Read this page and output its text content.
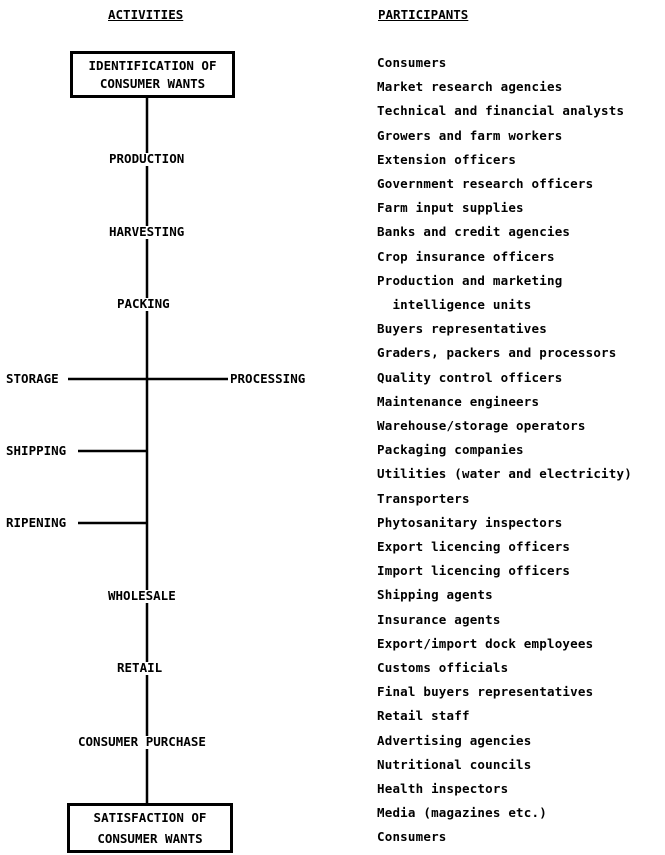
ACTIVITIES	PARTICIPANTS
IDENTIFICATION OF
CONSUMER WANTS
PRODUCTION
HARVESTING
PACKING
STORAGE	PROCESSING
SHIPPING
RIPENING
WHOLESALE
RETAIL
CONSUMER PURCHASE
SATISFACTION OF
CONSUMER WANTS
Consumers
Market research agencies
Technical and financial analysts
Growers and farm workers
Extension officers
Government research officers
Farm input supplies
Banks and credit agencies
Crop insurance officers
Production and marketing
intelligence units
Buyers representatives
Graders, packers and processors
Quality control officers
Maintenance engineers
Warehouse/storage operators
Packaging companies
Utilities (water and electricity)
Transporters
Phytosanitary inspectors
Export licencing officers
Import licencing officers
Shipping agents
Insurance agents
Export/import dock employees
Customs officials
Final buyers representatives
Retail staff
Advertising agencies
Nutritional councils
Health inspectors
Media (magazines etc.)
Consumers
